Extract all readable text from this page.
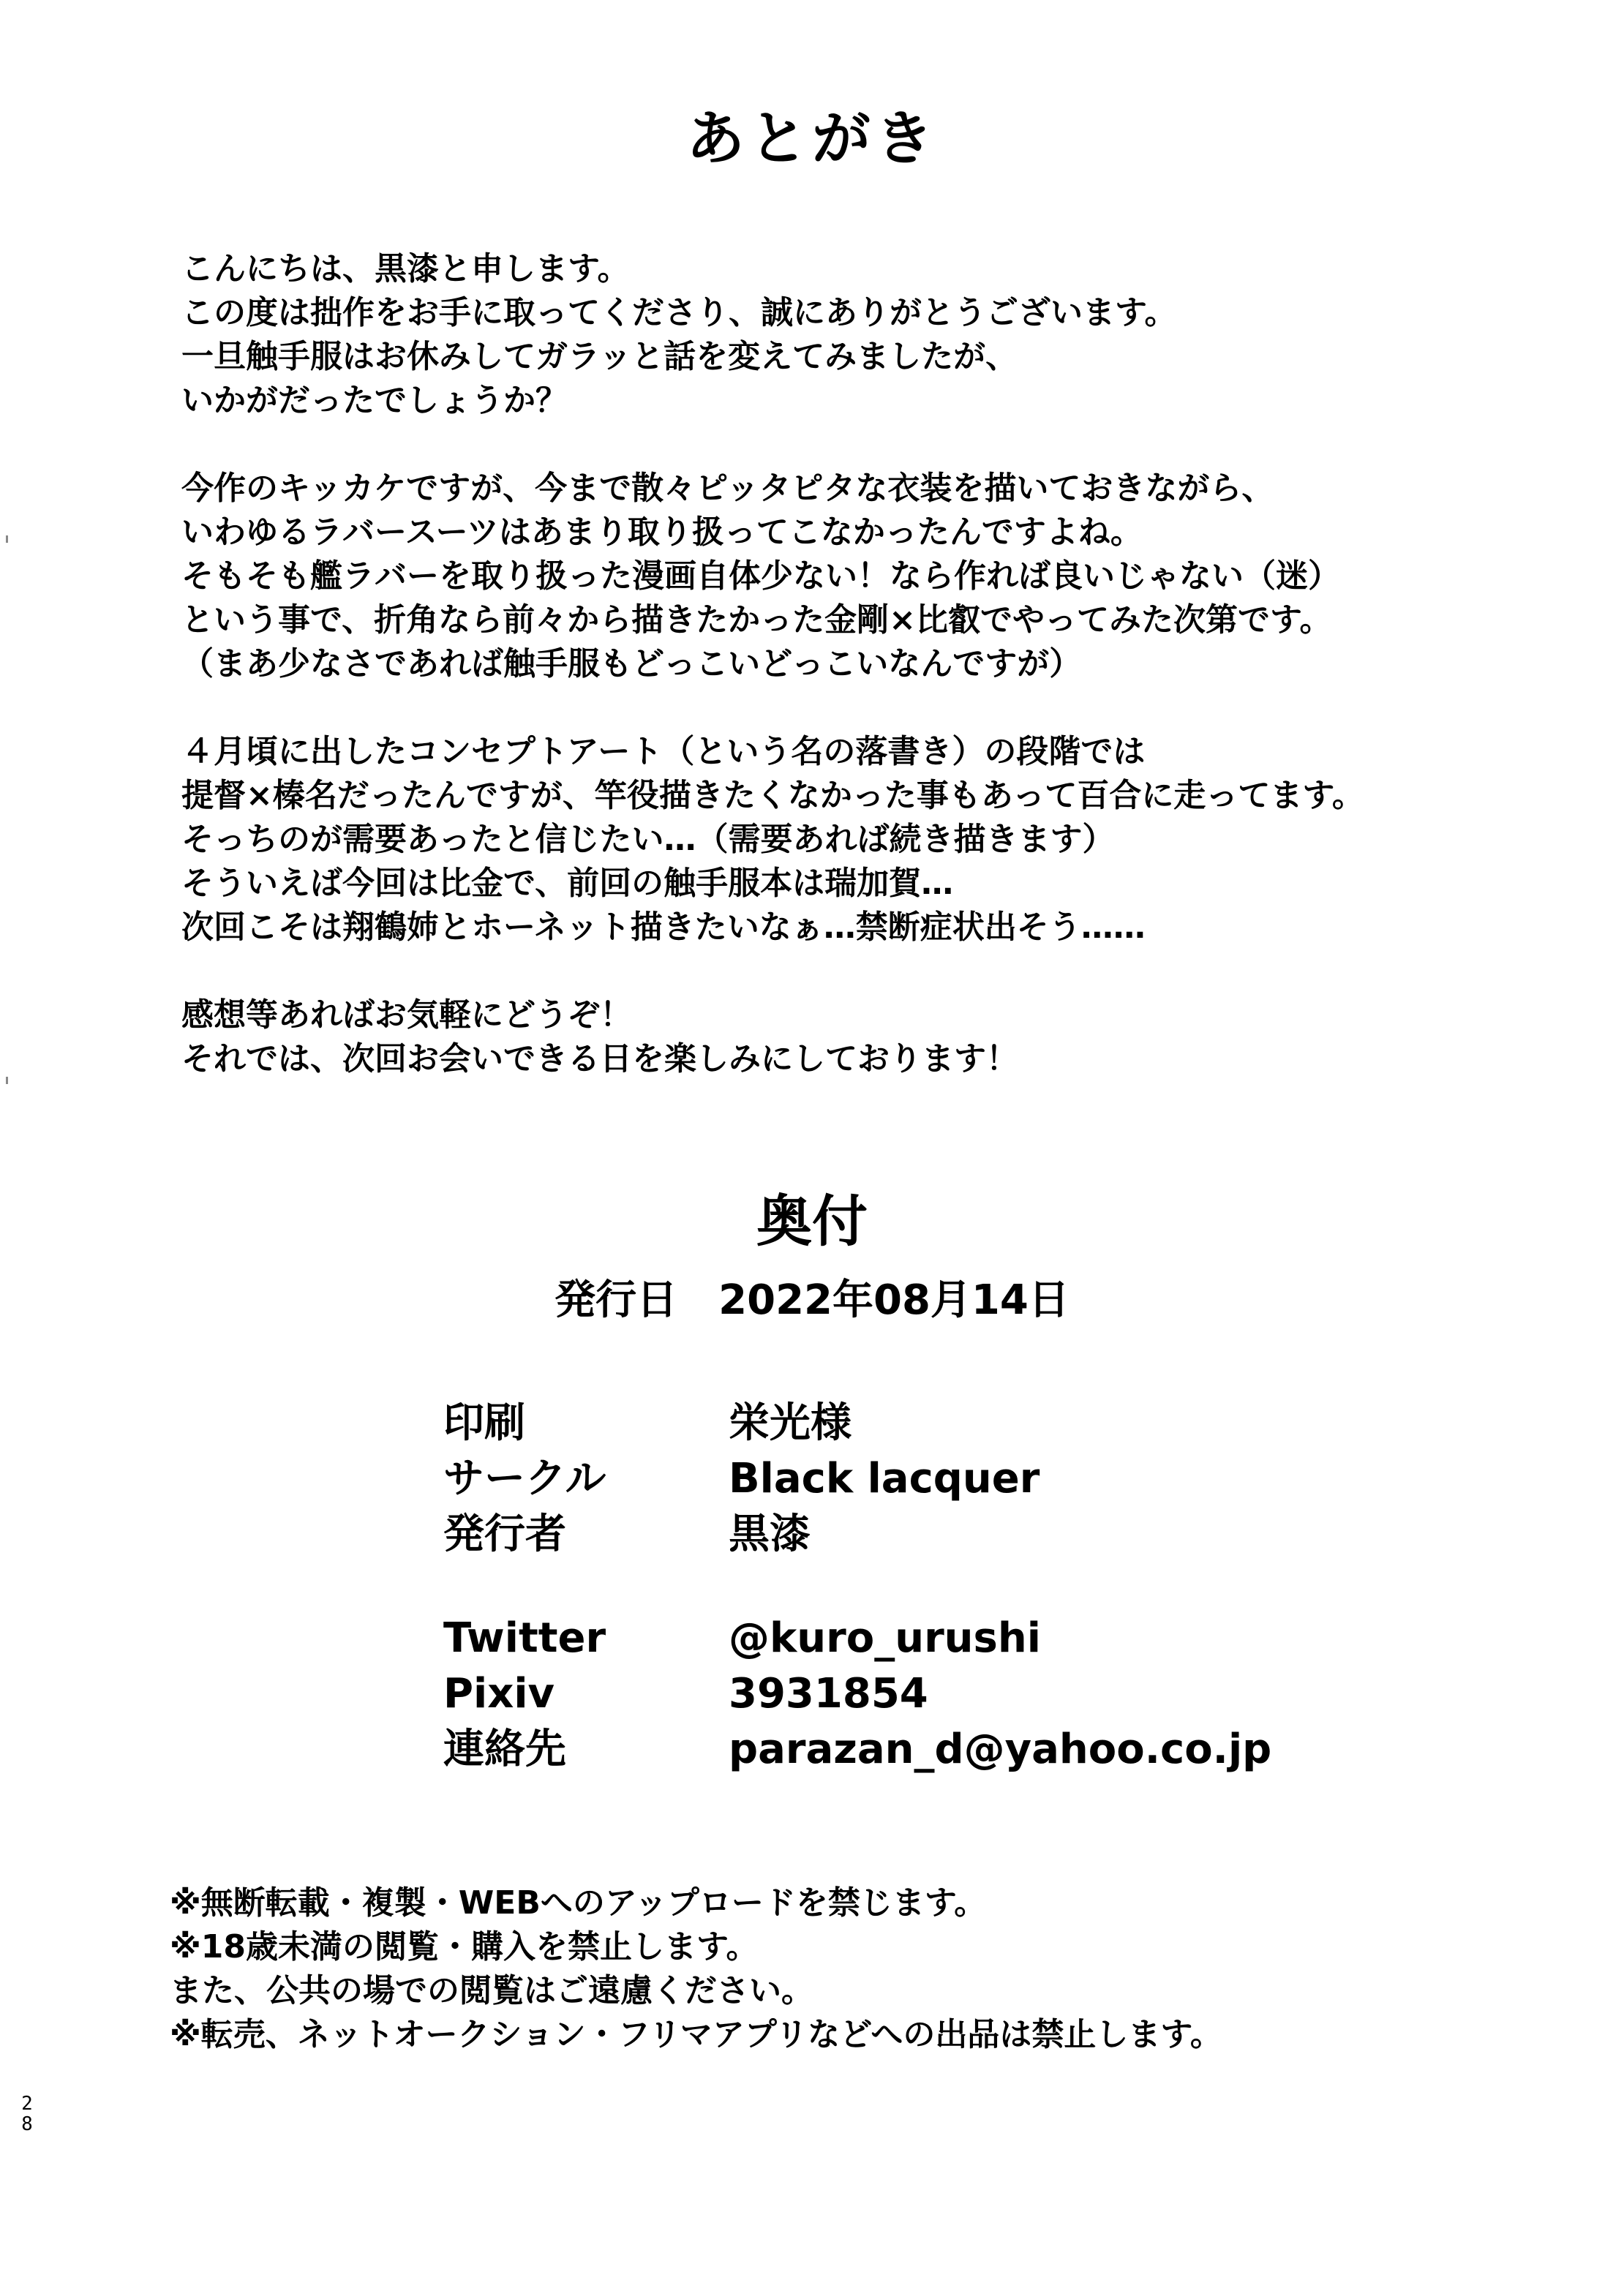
あとがき
こんにちは、黒漆と申します。
この度は拙作をお手に取ってくださり、誠にありがとうございます。
一旦触手服はお休みしてガラッと話を変えてみましたが、
いかがだったでしょうか？
今作のキッカケですが、今まで散々ピッタピタな衣装を描いておきながら、
いわゆるラバースーツはあまり取り扱ってこなかったんですよね。
そもそも艦ラバーを取り扱った漫画自体少ない！なら作れば良いじゃない（迷）
という事で、折角なら前々から描きたかった金剛×比叡でやってみた次第です。
（まあ少なさであれば触手服もどっこいどっこいなんですが）
４月頃に出したコンセプトアート（という名の落書き）の段階では
提督×榛名だったんですが、竿役描きたくなかった事もあって百合に走ってます。
そっちのが需要あったと信じたい…（需要あれば続き描きます）
そういえば今回は比金で、前回の触手服本は瑞加賀…
次回こそは翔鶴姉とホーネット描きたいなぁ…禁断症状出そう……
感想等あればお気軽にどうぞ！
それでは、次回お会いできる日を楽しみにしております！
奥付
発行日　 2022年08月14日
印刷	栄光様
サークル	Black lacquer
発行者	黒漆
Twitter	@kuro_urushi
Pixiv	3931854
連絡先	parazan_d@yahoo.co.jp
※無断転載・複製・WEBへのアップロードを禁じます。
※18歳未満の閲覧・購入を禁止します。
また、公共の場での閲覧はご遠慮ください。
※転売、ネットオークション・フリマアプリなどへの出品は禁止します。
2
8
